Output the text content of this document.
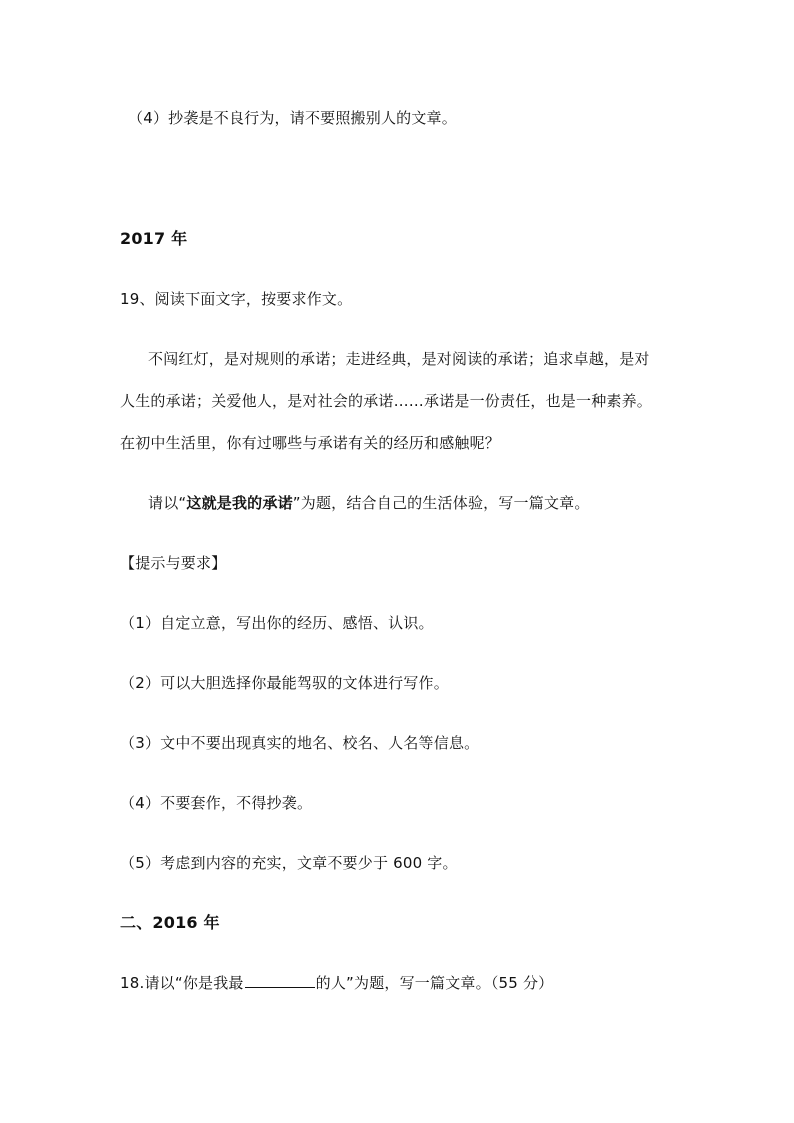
（4）抄袭是不良行为，请不要照搬别人的文章。
2017 年
19、阅读下面文字，按要求作文。
不闯红灯，是对规则的承诺；走进经典，是对阅读的承诺；追求卓越，是对
人生的承诺；关爱他人，是对社会的承诺……承诺是一份责任，也是一种素养。
在初中生活里，你有过哪些与承诺有关的经历和感触呢？
请以“这就是我的承诺”为题，结合自己的生活体验，写一篇文章。
【提示与要求】
（1）自定立意，写出你的经历、感悟、认识。
（2）可以大胆选择你最能驾驭的文体进行写作。
（3）文中不要出现真实的地名、校名、人名等信息。
（4）不要套作，不得抄袭。
（5）考虑到内容的充实，文章不要少于 600 字。
二、2016 年
18.请以“你是我最	的人”为题，写一篇文章。（55 分）
